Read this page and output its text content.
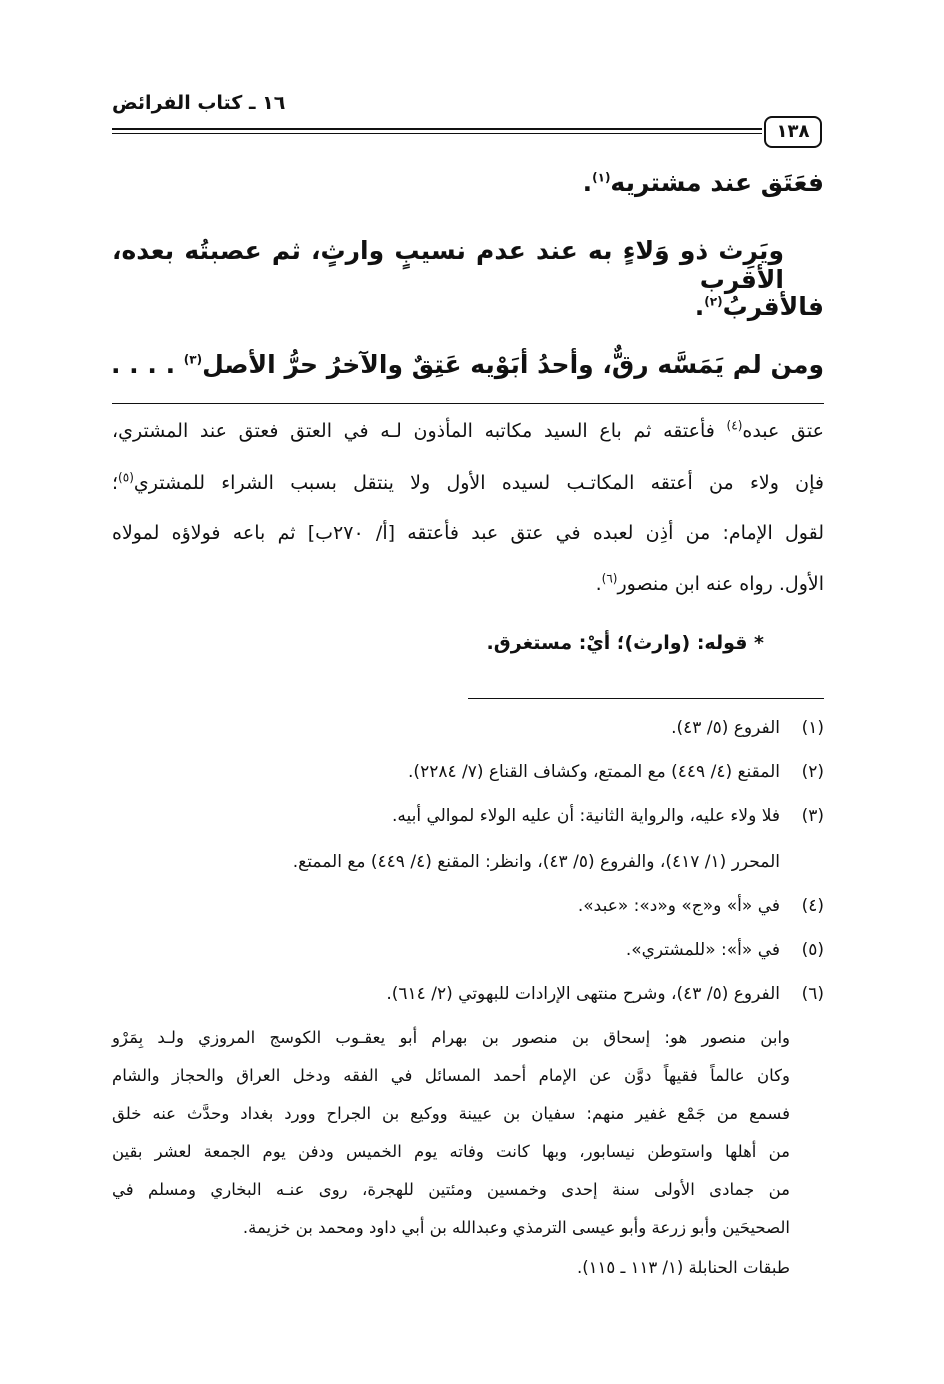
١٦ ـ كتاب الفرائض
١٣٨
فعَتَق عند مشتريه$^{(١)}$.
ويَرِث ذو وَلاءٍ به عند عدم نسيبٍ وارثٍ، ثم عصبتُه بعده، الأقرب
فالأقربُ$^{(٢)}$.
ومن لم يَمَسَّه رقٌّ، وأحدُ أبَوْيه عَتِقٌ والآخرُ حرُّ الأصل$^{(٣)}$ . . . .
عتق عبده$^{(٤)}$ فأعتقه ثم باع السيد مكاتبه المأذون لـه في العتق فعتق عند المشتري،
فإن ولاء من أعتقه المكاتـب لسيده الأول ولا ينتقل بسبب الشراء للمشتري$^{(٥)}$؛
لقول الإمام: من أذِن لعبده في عتق عبد فأعتقه [أ/ ٢٧٠ب] ثم باعه فولاؤه لمولاه
الأول. رواه عنه ابن منصور$^{(٦)}$.
* قوله: (وارث)؛ أيْ: مستغرق.
(١)الفروع (٥/ ٤٣).
(٢)المقنع (٤/ ٤٤٩) مع الممتع، وكشاف القناع (٧/ ٢٢٨٤).
(٣)فلا ولاء عليه، والرواية الثانية: أن عليه الولاء لموالي أبيه.
المحرر (١/ ٤١٧)، والفروع (٥/ ٤٣)، وانظر: المقنع (٤/ ٤٤٩) مع الممتع.
(٤)في «أ» و«ج» و«د»: «عبد».
(٥)في «أ»: «للمشتري».
(٦)الفروع (٥/ ٤٣)، وشرح منتهى الإرادات للبهوتي (٢/ ٦١٤).
وابن منصور هو: إسحاق بن منصور بن بهرام أبو يعقـوب الكوسج المروزي ولـد بِمَرْو
وكان عالماً فقيهاً دوَّن عن الإمام أحمد المسائل في الفقه ودخل العراق والحجاز والشام
فسمع من جَمْع غفير منهم: سفيان بن عيينة ووكيع بن الجراح وورد بغداد وحدَّث عنه خلق
من أهلها واستوطن نيسابور، وبها كانت وفاته يوم الخميس ودفن يوم الجمعة لعشر بقين
من جمادى الأولى سنة إحدى وخمسين ومئتين للهجرة، روى عنـه البخاري ومسلم في
الصحيحَين وأبو زرعة وأبو عيسى الترمذي وعبدالله بن أبي داود ومحمد بن خزيمة.
طبقات الحنابلة (١/ ١١٣ ـ ١١٥).
